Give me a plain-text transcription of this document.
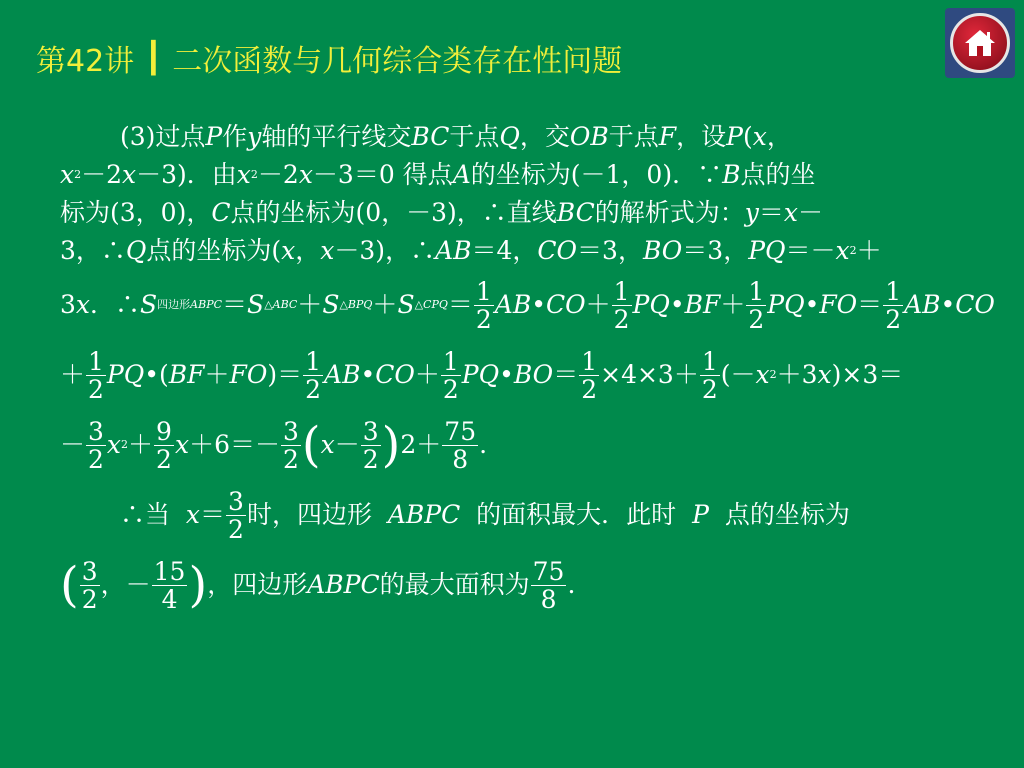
第42讲 ┃ 二次函数与几何综合类存在性问题
(3)过点 P 作 y 轴的平行线交 BC 于点 Q ，交 OB 于点 F ，设 P ( x ，
x 2 －2 x －3)．由 x 2 －2 x －3＝0 得点 A 的坐标为(－1，0)．∵ B 点的坐
标为(3，0)， C 点的坐标为(0，－3)，∴直线 BC 的解析式为： y ＝ x －
3，∴ Q 点的坐标为( x ， x －3)，∴ AB ＝4， CO ＝3， BO ＝3， PQ ＝－ x 2 ＋
3 x ．∴ S 四边形 ABPC ＝ S △ABC ＋ S △BPQ ＋ S △CPQ ＝ $\frac{1}{2}$ AB • CO ＋ $\frac{1}{2}$ PQ • BF ＋ $\frac{1}{2}$ PQ • FO ＝ $\frac{1}{2}$ AB • CO
＋ $\frac{1}{2}$ PQ • ( BF ＋ FO ) ＝ $\frac{1}{2}$ AB • CO ＋ $\frac{1}{2}$ PQ • BO ＝ $\frac{1}{2} \times 4 \times 3 + \frac{1}{2}$ ( － x 2 ＋3 x ) × 3 ＝
－ $\frac{3}{2}$ x $2 + \frac{9}{2}$ $x +6=- \frac{3}{2}$ ( $x - \frac{3}{2}$ ) $2 + \frac{75}{8}$ .
∴当
$x = \frac{3}{2}$ 时，四边形
ABPC
的面积最大．此时
P
点的坐标为
( $\frac{3}{2}$ ，－ $\frac{15}{4}$ ) ，四边形 ABPC 的最大面积为 $\frac{75}{8}$ .
